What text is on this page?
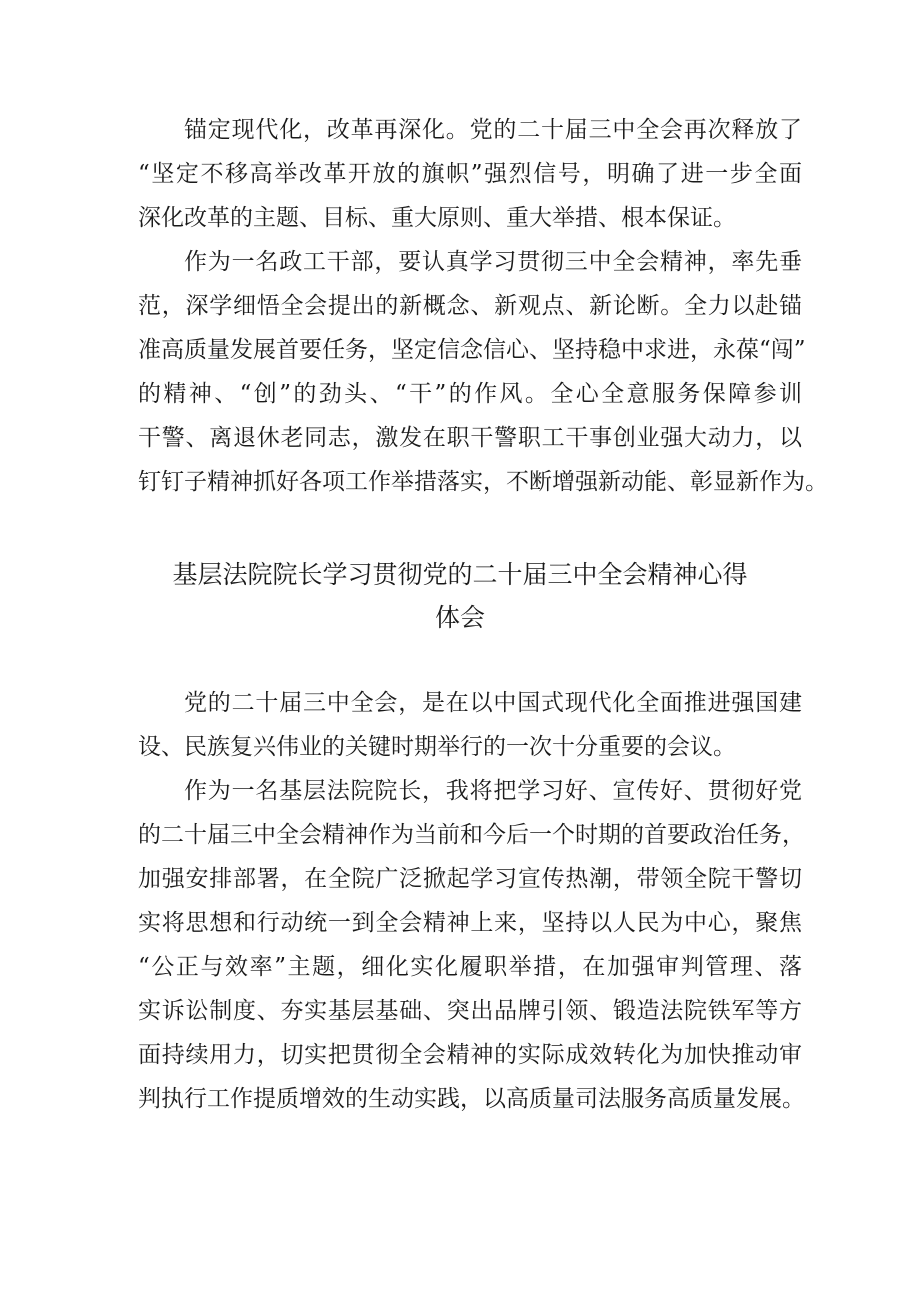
锚定现代化，改革再深化。党的二十届三中全会再次释放了
“坚定不移高举改革开放的旗帜”强烈信号，明确了进一步全面
深化改革的主题、目标、重大原则、重大举措、根本保证。
作为一名政工干部，要认真学习贯彻三中全会精神，率先垂
范，深学细悟全会提出的新概念、新观点、新论断。全力以赴锚
准高质量发展首要任务，坚定信念信心、坚持稳中求进，永葆“闯”
的精神、“创”的劲头、“干”的作风。全心全意服务保障参训
干警、离退休老同志，激发在职干警职工干事创业强大动力，以
钉钉子精神抓好各项工作举措落实，不断增强新动能、彰显新作为。
基层法院院长学习贯彻党的二十届三中全会精神心得
体会
党的二十届三中全会，是在以中国式现代化全面推进强国建
设、民族复兴伟业的关键时期举行的一次十分重要的会议。
作为一名基层法院院长，我将把学习好、宣传好、贯彻好党
的二十届三中全会精神作为当前和今后一个时期的首要政治任务，
加强安排部署，在全院广泛掀起学习宣传热潮，带领全院干警切
实将思想和行动统一到全会精神上来，坚持以人民为中心，聚焦
“公正与效率”主题，细化实化履职举措，在加强审判管理、落
实诉讼制度、夯实基层基础、突出品牌引领、锻造法院铁军等方
面持续用力，切实把贯彻全会精神的实际成效转化为加快推动审
判执行工作提质增效的生动实践，以高质量司法服务高质量发展。
